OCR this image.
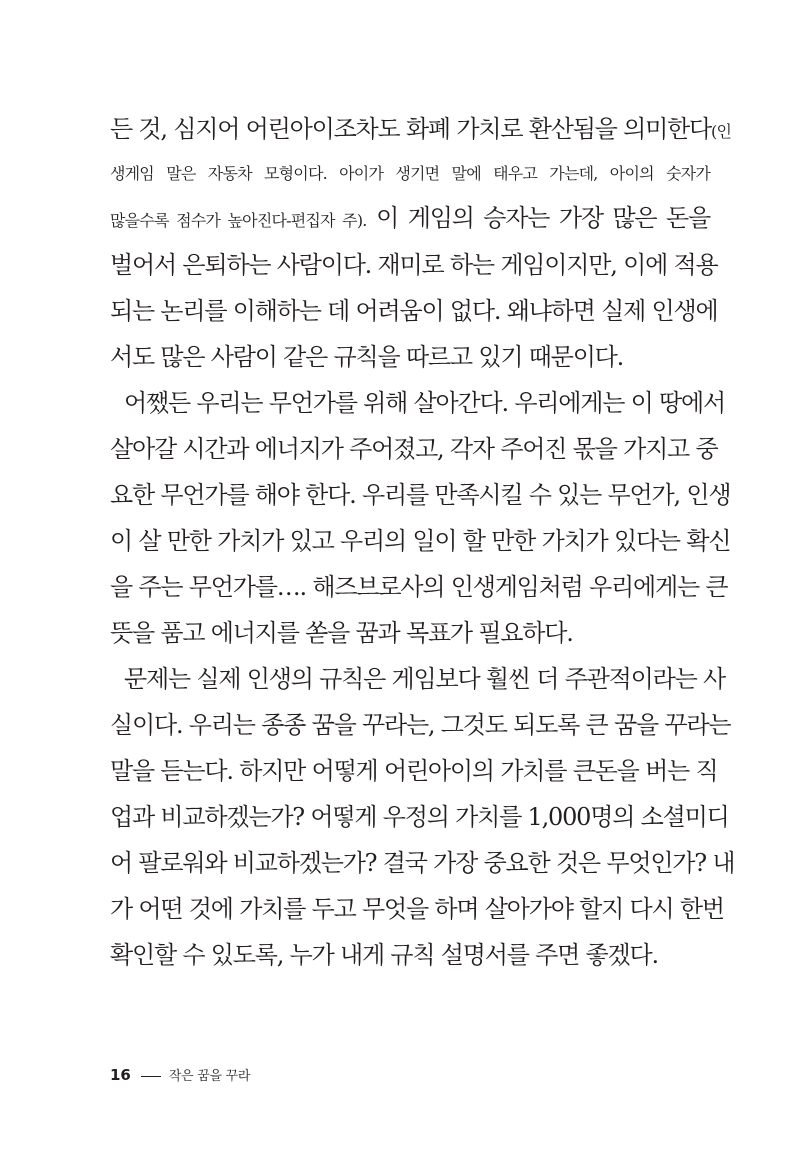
든 것, 심지어 어린아이조차도 화폐 가치로 환산됨을 의미한다(인
생게임 말은 자동차 모형이다. 아이가 생기면 말에 태우고 가는데, 아이의 숫자가
많을수록 점수가 높아진다-편집자 주). 이 게임의 승자는 가장 많은 돈을
벌어서 은퇴하는 사람이다. 재미로 하는 게임이지만, 이에 적용
되는 논리를 이해하는 데 어려움이 없다. 왜냐하면 실제 인생에
서도 많은 사람이 같은 규칙을 따르고 있기 때문이다.
어쨌든 우리는 무언가를 위해 살아간다. 우리에게는 이 땅에서
살아갈 시간과 에너지가 주어졌고, 각자 주어진 몫을 가지고 중
요한 무언가를 해야 한다. 우리를 만족시킬 수 있는 무언가, 인생
이 살 만한 가치가 있고 우리의 일이 할 만한 가치가 있다는 확신
을 주는 무언가를…. 해즈브로사의 인생게임처럼 우리에게는 큰
뜻을 품고 에너지를 쏟을 꿈과 목표가 필요하다.
문제는 실제 인생의 규칙은 게임보다 훨씬 더 주관적이라는 사
실이다. 우리는 종종 꿈을 꾸라는, 그것도 되도록 큰 꿈을 꾸라는
말을 듣는다. 하지만 어떻게 어린아이의 가치를 큰돈을 버는 직
업과 비교하겠는가? 어떻게 우정의 가치를 1,000명의 소셜미디
어 팔로워와 비교하겠는가? 결국 가장 중요한 것은 무엇인가? 내
가 어떤 것에 가치를 두고 무엇을 하며 살아가야 할지 다시 한번
확인할 수 있도록, 누가 내게 규칙 설명서를 주면 좋겠다.
16	작은 꿈을 꾸라
